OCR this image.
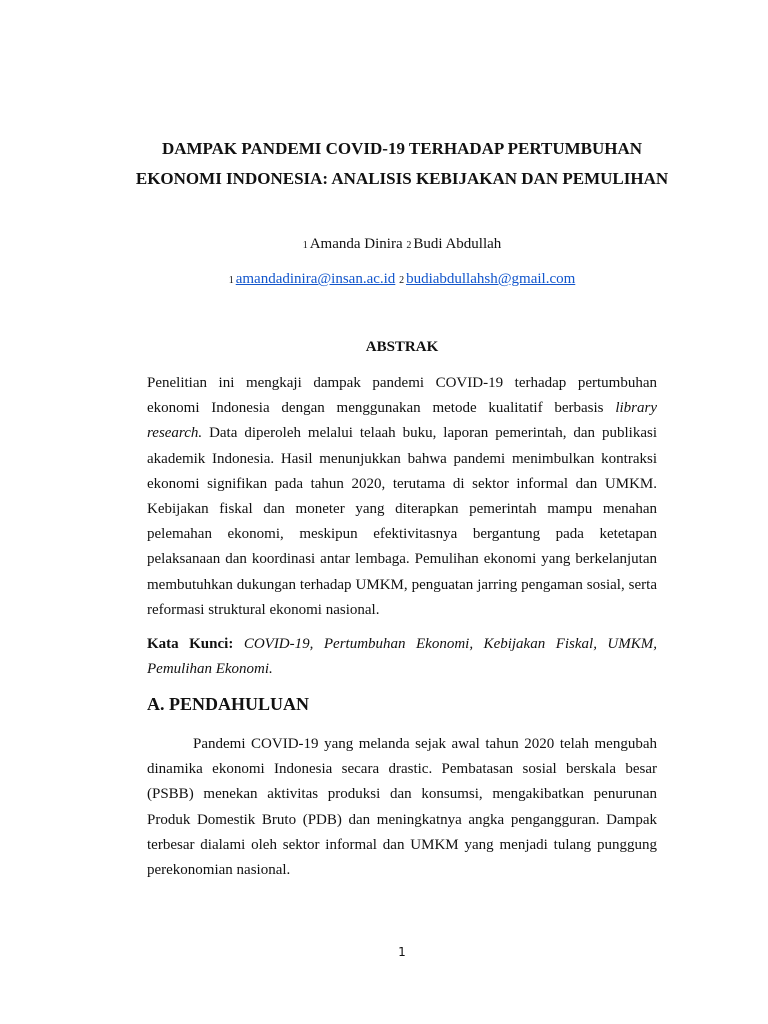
DAMPAK PANDEMI COVID-19 TERHADAP PERTUMBUHAN EKONOMI INDONESIA: ANALISIS KEBIJAKAN DAN PEMULIHAN
1 Amanda Dinira 2 Budi Abdullah
1 amandadinira@insan.ac.id 2 budiabdullahsh@gmail.com
ABSTRAK

Penelitian ini mengkaji dampak pandemi COVID-19 terhadap pertumbuhan ekonomi Indonesia dengan menggunakan metode kualitatif berbasis library research. Data diperoleh melalui telaah buku, laporan pemerintah, dan publikasi akademik Indonesia. Hasil menunjukkan bahwa pandemi menimbulkan kontraksi ekonomi signifikan pada tahun 2020, terutama di sektor informal dan UMKM. Kebijakan fiskal dan moneter yang diterapkan pemerintah mampu menahan pelemahan ekonomi, meskipun efektivitasnya bergantung pada ketetapan pelaksanaan dan koordinasi antar lembaga. Pemulihan ekonomi yang berkelanjutan membutuhkan dukungan terhadap UMKM, penguatan jarring pengaman sosial, serta reformasi struktural ekonomi nasional.

Kata Kunci: COVID-19, Pertumbuhan Ekonomi, Kebijakan Fiskal, UMKM, Pemulihan Ekonomi.

A. PENDAHULUAN

Pandemi COVID-19 yang melanda sejak awal tahun 2020 telah mengubah dinamika ekonomi Indonesia secara drastic. Pembatasan sosial berskala besar (PSBB) menekan aktivitas produksi dan konsumsi, mengakibatkan penurunan Produk Domestik Bruto (PDB) dan meningkatnya angka pengangguran. Dampak terbesar dialami oleh sektor informal dan UMKM yang menjadi tulang punggung perekonomian nasional.

1
